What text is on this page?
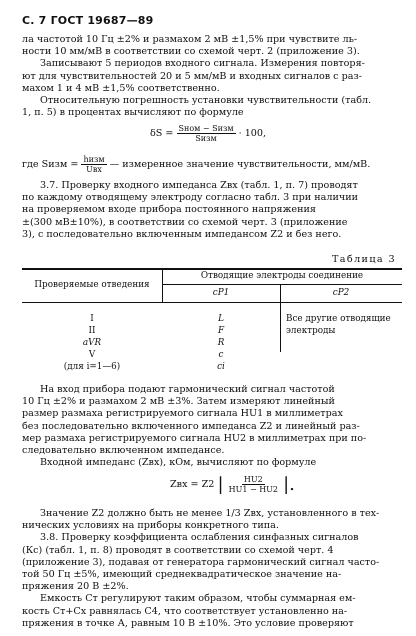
С. 7 ГОСТ 19687—89
ла частотой 10 Гц ±2% и размахом 2 мВ ±1,5% при чувствите ль-
ности 10 мм/мВ в соответствии со схемой черт. 2 (приложение 3).
Записывают 5 периодов входного сигнала. Измерения повторя-
ют для чувствительностей 20 и 5 мм/мВ и входных сигналов с раз-
махом 1 и 4 мВ ±1,5% соответственно.
Относительную погрешность установки чувствительности (табл.
1, п. 5) в процентах вычисляют по формуле
$\delta S = \frac{\text{Sном − Sизм}}{\text{Sизм}} \cdot 100$,
где Sизм = $\frac{\text{hизм}}{\text{Uвх}}$ — измеренное значение чувствительности, мм/мВ.
3.7. Проверку входного импеданса Zвх (табл. 1, п. 7) проводят
по каждому отводящему электроду согласно табл. 3 при наличии
на проверяемом входе прибора постоянного напряжения
±(300 мВ±10%), в соответствии со схемой черт. 3 (приложение
3), с последовательно включенным импедансом Z2 и без него.
Таблица 3
Проверяемые отведения
Отводящие электроды соединение
сP1	сP2
I
II
aVR
V
(для i=1—6)
L
F
R
c
ci
Все другие отводящие
электроды
На вход прибора подают гармонический сигнал частотой
10 Гц ±2% и размахом 2 мВ ±3%. Затем измеряют линейный
размер размаха регистрируемого сигнала HU1 в миллиметрах
без последовательно включенного импеданса Z2 и линейный раз-
мер размаха регистрируемого сигнала HU2 в миллиметрах при по-
следовательно включенном импедансе.
Входной импеданс (Zвх), кОм, вычисляют по формуле
Zвх = Z2 | $\frac{HU2}{HU1 - HU2}$ |.
Значение Z2 должно быть не менее 1/3 Zвх, установленного в тех-
нических условиях на приборы конкретного типа.
3.8. Проверку коэффициента ослабления синфазных сигналов
(Кс) (табл. 1, п. 8) проводят в соответствии со схемой черт. 4
(приложение 3), подавая от генератора гармонический сигнал часто-
той 50 Гц ±5%, имеющий среднеквадратическое значение на-
пряжения 20 В ±2%.
Емкость Ст регулируют таким образом, чтобы суммарная ем-
кость Ст+Сх равнялась С4, что соответствует установленно на-
пряжения в точке А, равным 10 В ±10%. Это условие проверяют
